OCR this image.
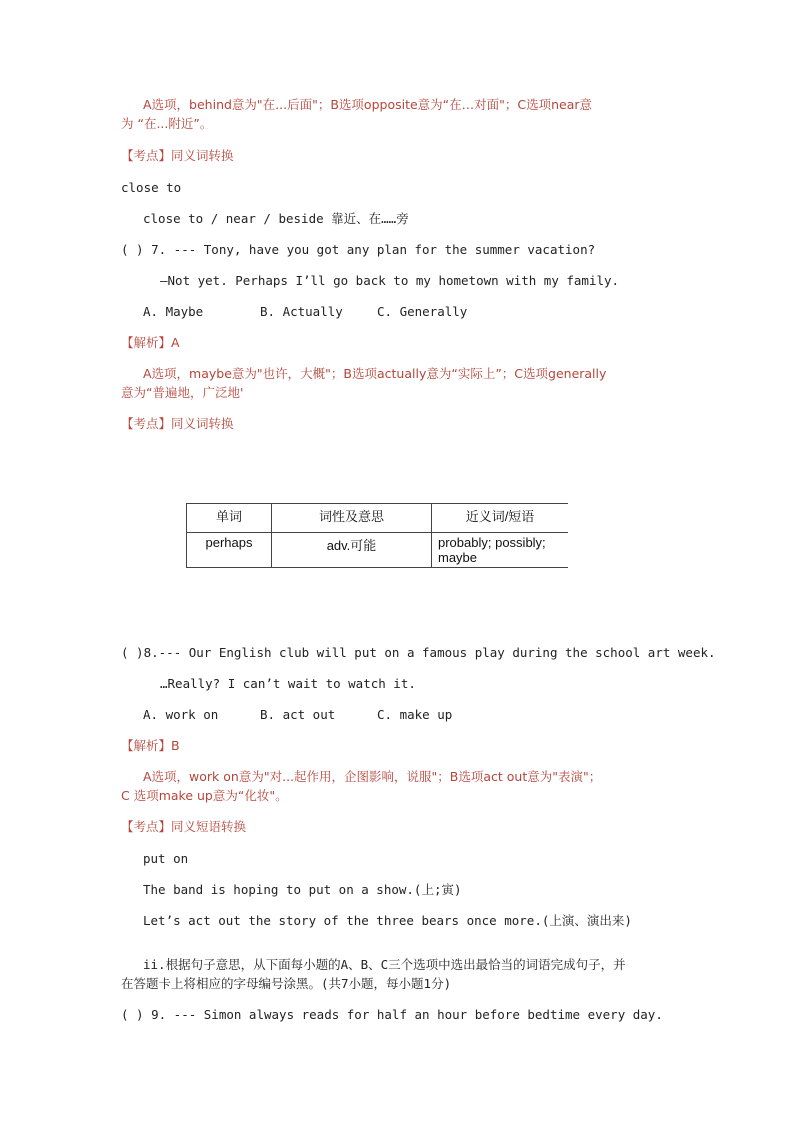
A选项，behind意为"在...后面"；B选项opposite意为“在…对面"；C选项near意
为 “在...附近”。
【考点】同义词转换
close to
close to / near / beside 靠近、在……旁
( ) 7. --- Tony, have you got any plan for the summer vacation?
—Not yet. Perhaps I’ll go back to my hometown with my family.
A. Maybe	B. Actually	C. Generally
【解析】A
A选项，maybe意为"也许，大概"；B选项actually意为“实际上”；C选项generally
意为“普遍地，广泛地'
【考点】同义词转换
单词	词性及意思	近义词/短语
perhaps	adv.可能	probably; possibly; maybe
( )8.--- Our English club will put on a famous play during the school art week.
…Really? I can’t wait to watch it.
A. work on	B. act out	C. make up
【解析】B
A选项，work on意为"对...起作用，企图影响，说服"；B选项act out意为"表演"；
C 选项make up意为“化妆"。
【考点】同义短语转换
put on
The band is hoping to put on a show.(上;寅)
Let’s act out the story of the three bears once more.(上演、演出来)
ii.根据句子意思，从下面每小题的A、B、C三个选项中选出最恰当的词语完成句子，并
在答题卡上将相应的字母编号涂黑。(共7小题，每小题1分)
( ) 9. --- Simon always reads for half an hour before bedtime every day.
